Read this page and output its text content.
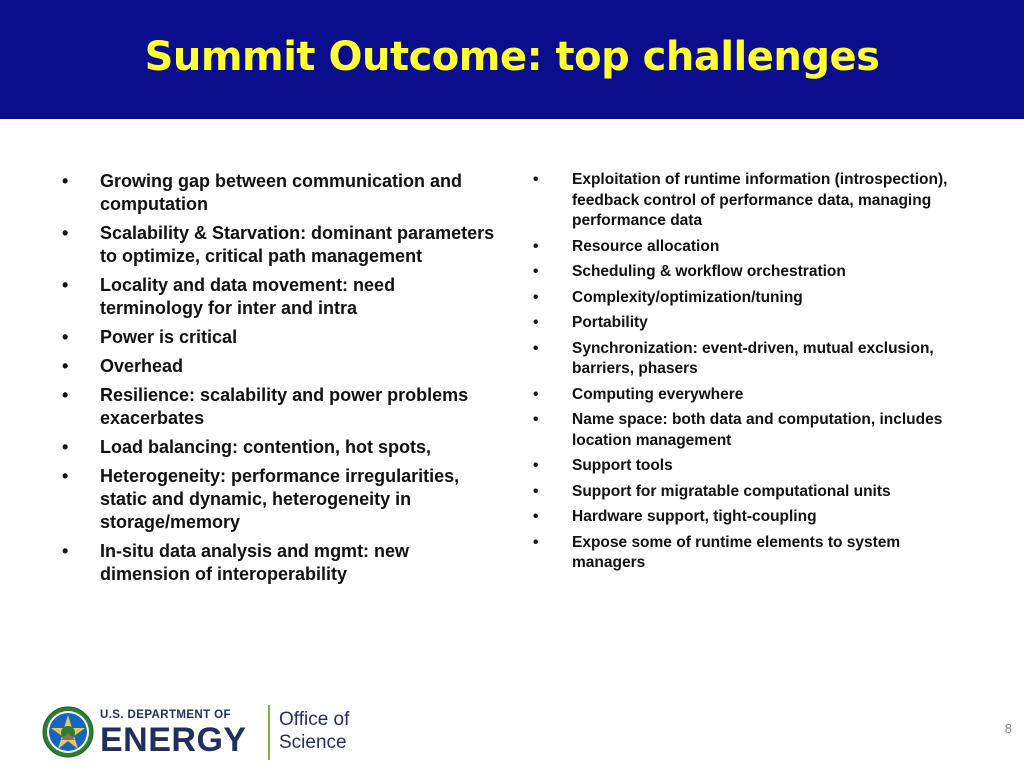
Summit Outcome: top challenges
• Growing gap between communication and computation
• Scalability & Starvation: dominant parameters to optimize, critical path management
• Locality and data movement: need terminology for inter and intra
• Power is critical
• Overhead
• Resilience: scalability and power problems exacerbates
• Load balancing: contention, hot spots,
• Heterogeneity: performance irregularities, static and dynamic, heterogeneity in storage/memory
• In-situ data analysis and mgmt: new dimension of interoperability
• Exploitation of runtime information (introspection), feedback control of performance data, managing performance data
• Resource allocation
• Scheduling & workflow orchestration
• Complexity/optimization/tuning
• Portability
• Synchronization: event-driven, mutual exclusion, barriers, phasers
• Computing everywhere
• Name space: both data and computation, includes location management
• Support tools
• Support for migratable computational units
• Hardware support, tight-coupling
• Expose some of runtime elements to system managers
U.S. DEPARTMENT OF
ENERGY
Office of
Science
8
